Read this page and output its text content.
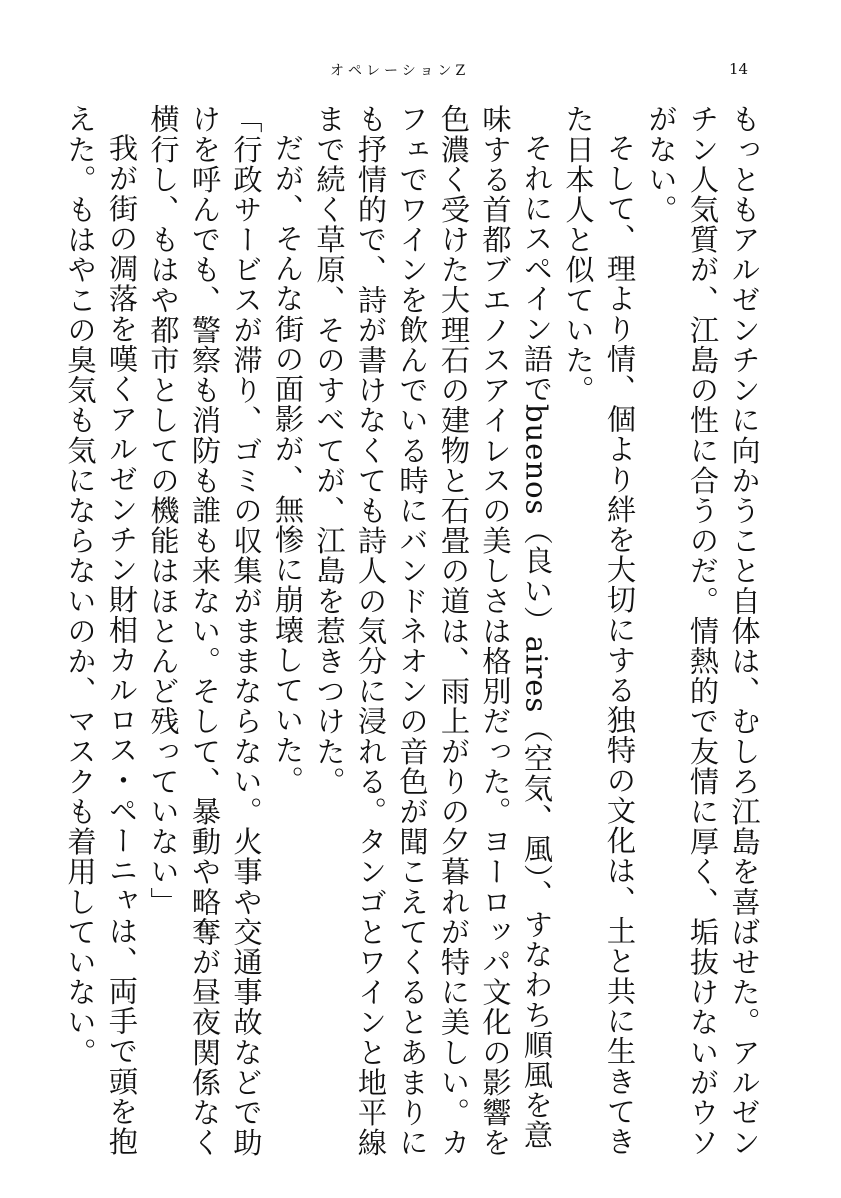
オペレーションZ	14

もっともアルゼンチンに向かうこと自体は、むしろ江島を喜ばせた。アルゼンチン人気質が、江島の性に合うのだ。情熱的で友情に厚く、垢抜けないがウソがない。

そして、理より情、個より絆を大切にする独特の文化は、土と共に生きてきた日本人と似ていた。

それにスペイン語でbuenos（良い）aires（空気、風）、すなわち順風を意味する首都ブエノスアイレスの美しさは格別だった。ヨーロッパ文化の影響を色濃く受けた大理石の建物と石畳の道は、雨上がりの夕暮れが特に美しい。カフェでワインを飲んでいる時にバンドネオンの音色が聞こえてくるとあまりにも抒情的で、詩が書けなくても詩人の気分に浸れる。タンゴとワインと地平線まで続く草原、そのすべてが、江島を惹きつけた。

だが、そんな街の面影が、無惨に崩壊していた。

「行政サービスが滞り、ゴミの収集がままならない。火事や交通事故などで助けを呼んでも、警察も消防も誰も来ない。そして、暴動や略奪が昼夜関係なく横行し、もはや都市としての機能はほとんど残っていない」

我が街の凋落を嘆くアルゼンチン財相カルロス・ペーニャは、両手で頭を抱えた。もはやこの臭気も気にならないのか、マスクも着用していない。
